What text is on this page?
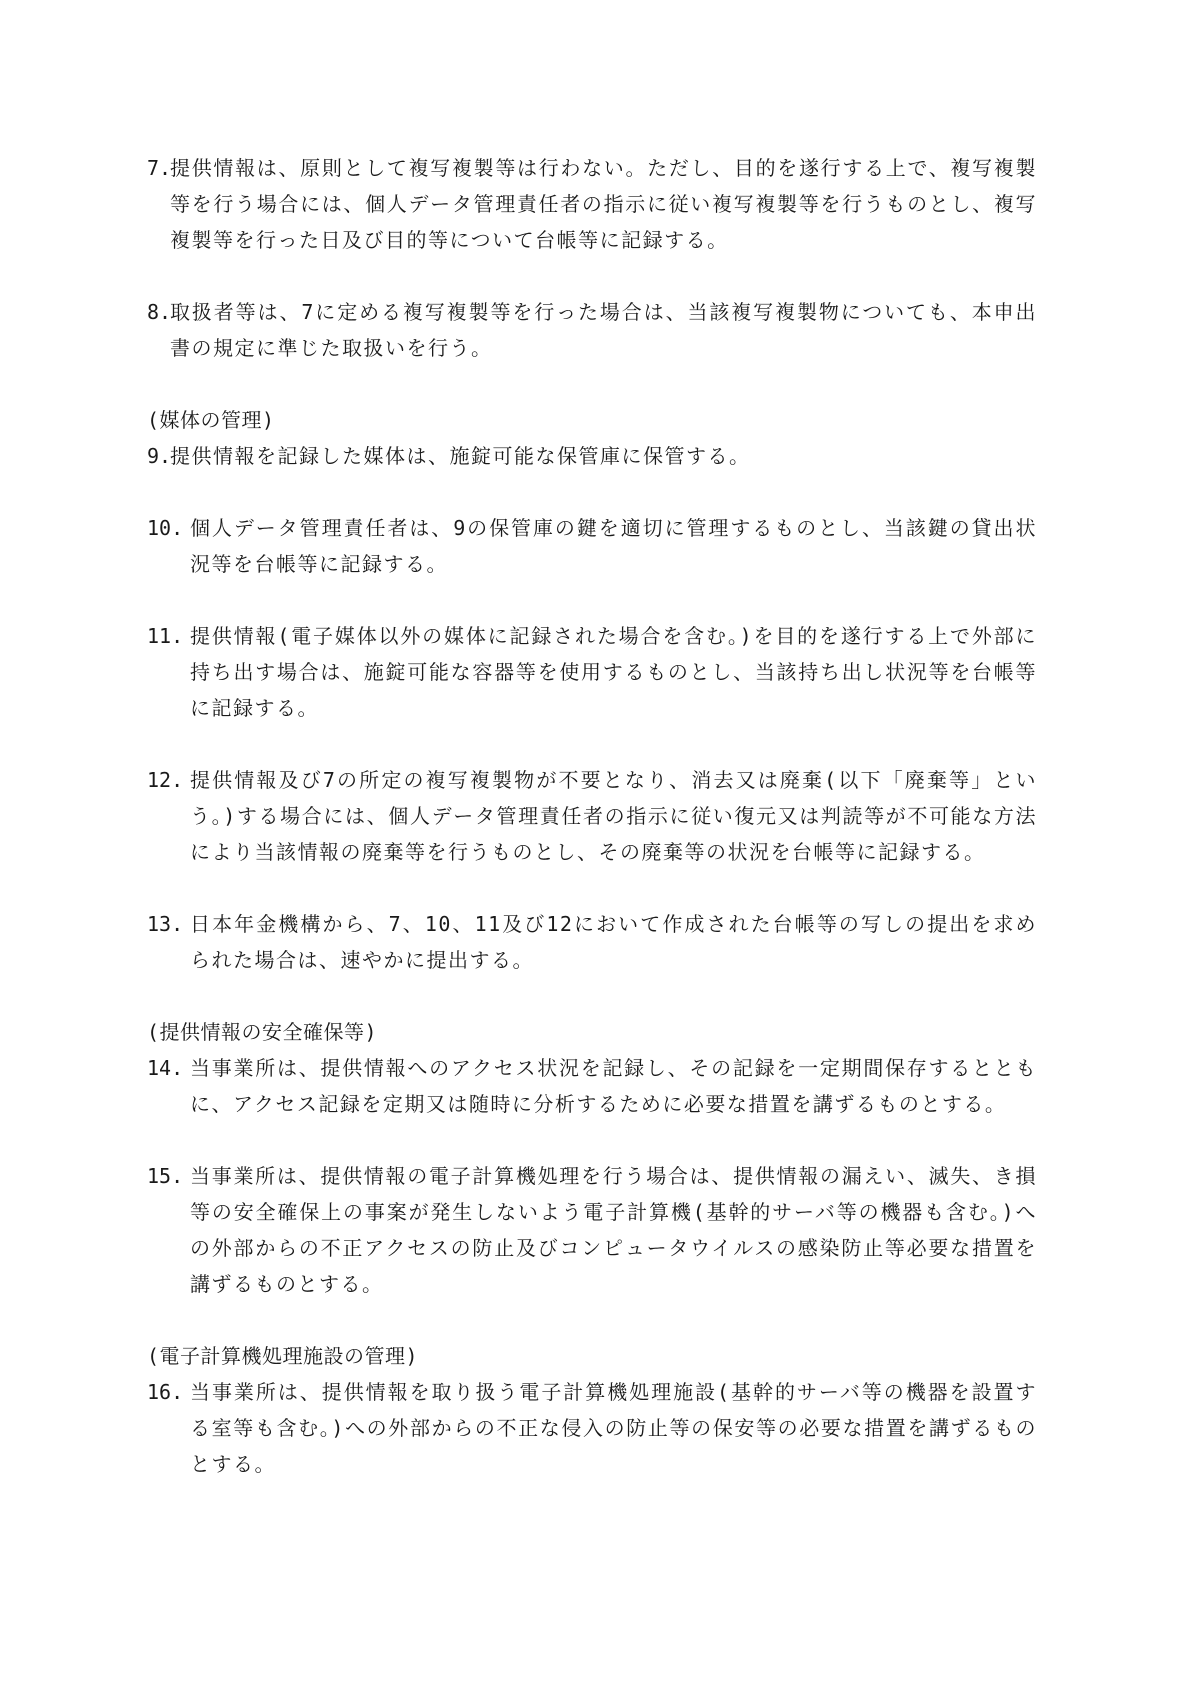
7.
提供情報は、原則として複写複製等は行わない。ただし、目的を遂行する上で、複写複製等を行う場合には、個人データ管理責任者の指示に従い複写複製等を行うものとし、複写複製等を行った日及び目的等について台帳等に記録する。
8.
取扱者等は、7に定める複写複製等を行った場合は、当該複写複製物についても、本申出書の規定に準じた取扱いを行う。
(媒体の管理)
9.
提供情報を記録した媒体は、施錠可能な保管庫に保管する。
10. 個人データ管理責任者は、9の保管庫の鍵を適切に管理するものとし、当該鍵の貸出状況等を台帳等に記録する。
11. 提供情報(電子媒体以外の媒体に記録された場合を含む。)を目的を遂行する上で外部に持ち出す場合は、施錠可能な容器等を使用するものとし、当該持ち出し状況等を台帳等に記録する。
12. 提供情報及び7の所定の複写複製物が不要となり、消去又は廃棄(以下「廃棄等」という。)する場合には、個人データ管理責任者の指示に従い復元又は判読等が不可能な方法により当該情報の廃棄等を行うものとし、その廃棄等の状況を台帳等に記録する。
13. 日本年金機構から、7、10、11及び12において作成された台帳等の写しの提出を求められた場合は、速やかに提出する。
(提供情報の安全確保等)
14. 当事業所は、提供情報へのアクセス状況を記録し、その記録を一定期間保存するとともに、アクセス記録を定期又は随時に分析するために必要な措置を講ずるものとする。
15. 当事業所は、提供情報の電子計算機処理を行う場合は、提供情報の漏えい、滅失、き損等の安全確保上の事案が発生しないよう電子計算機(基幹的サーバ等の機器も含む。)への外部からの不正アクセスの防止及びコンピュータウイルスの感染防止等必要な措置を講ずるものとする。
(電子計算機処理施設の管理)
16. 当事業所は、提供情報を取り扱う電子計算機処理施設(基幹的サーバ等の機器を設置する室等も含む。)への外部からの不正な侵入の防止等の保安等の必要な措置を講ずるものとする。
